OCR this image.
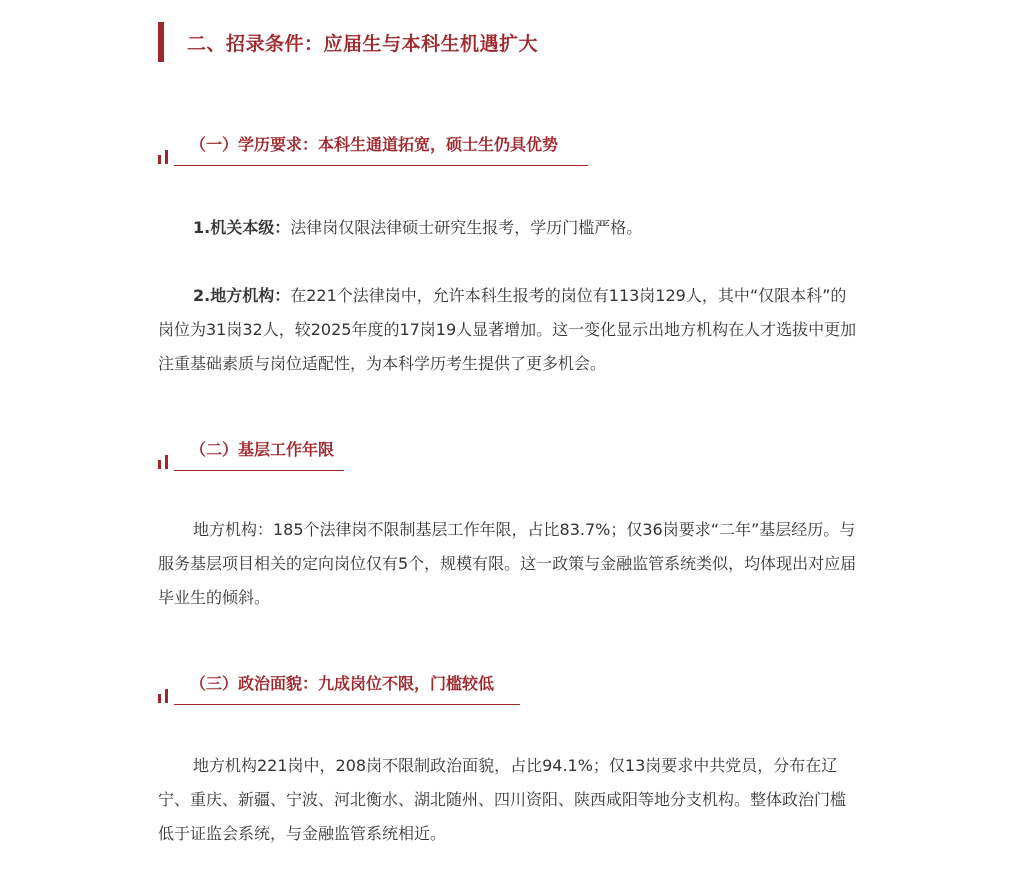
二、招录条件：应届生与本科生机遇扩大
（一）学历要求：本科生通道拓宽，硕士生仍具优势

1.机关本级：法律岗仅限法律硕士研究生报考，学历门槛严格。

2.地方机构：在221个法律岗中，允许本科生报考的岗位有113岗129人，其中“仅限本科”的岗位为31岗32人，较2025年度的17岗19人显著增加。这一变化显示出地方机构在人才选拔中更加注重基础素质与岗位适配性，为本科学历考生提供了更多机会。

（二）基层工作年限

地方机构：185个法律岗不限制基层工作年限，占比83.7%；仅36岗要求“二年”基层经历。与服务基层项目相关的定向岗位仅有5个，规模有限。这一政策与金融监管系统类似，均体现出对应届毕业生的倾斜。

（三）政治面貌：九成岗位不限，门槛较低

地方机构221岗中，208岗不限制政治面貌，占比94.1%；仅13岗要求中共党员，分布在辽宁、重庆、新疆、宁波、河北衡水、湖北随州、四川资阳、陕西咸阳等地分支机构。整体政治门槛低于证监会系统，与金融监管系统相近。
